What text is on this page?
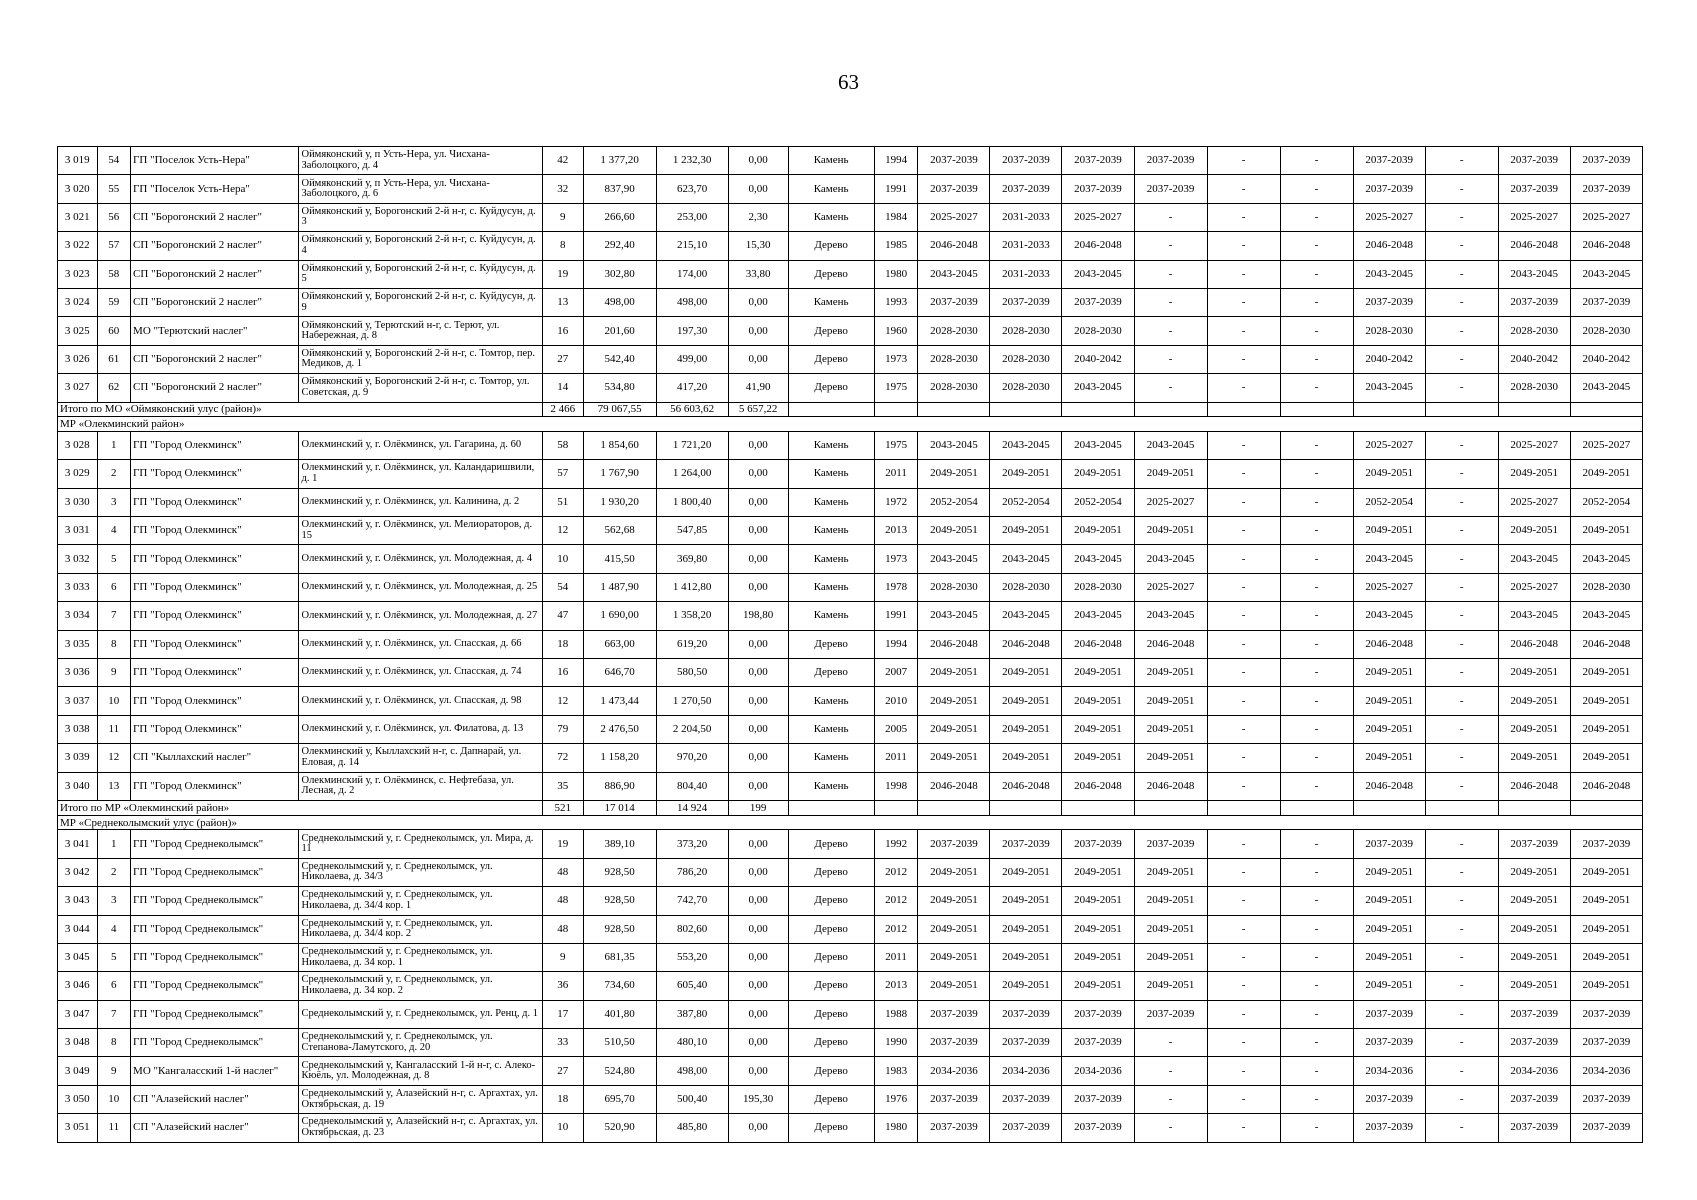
63
3 019	54	ГП "Поселок Усть-Нера"	Оймяконский у, п Усть-Нера, ул. Чисхана-Заболоцкого, д. 4	42	1 377,20	1 232,30	0,00	Камень	1994	2037-2039	2037-2039	2037-2039	2037-2039	-	-	2037-2039	-	2037-2039	2037-2039
3 020	55	ГП "Поселок Усть-Нера"	Оймяконский у, п Усть-Нера, ул. Чисхана-Заболоцкого, д. 6	32	837,90	623,70	0,00	Камень	1991	2037-2039	2037-2039	2037-2039	2037-2039	-	-	2037-2039	-	2037-2039	2037-2039
3 021	56	СП "Борогонский 2 наслег"	Оймяконский у, Борогонский 2-й н-г, с. Куйдусун, д. 3	9	266,60	253,00	2,30	Камень	1984	2025-2027	2031-2033	2025-2027	-	-	-	2025-2027	-	2025-2027	2025-2027
3 022	57	СП "Борогонский 2 наслег"	Оймяконский у, Борогонский 2-й н-г, с. Куйдусун, д. 4	8	292,40	215,10	15,30	Дерево	1985	2046-2048	2031-2033	2046-2048	-	-	-	2046-2048	-	2046-2048	2046-2048
3 023	58	СП "Борогонский 2 наслег"	Оймяконский у, Борогонский 2-й н-г, с. Куйдусун, д. 5	19	302,80	174,00	33,80	Дерево	1980	2043-2045	2031-2033	2043-2045	-	-	-	2043-2045	-	2043-2045	2043-2045
3 024	59	СП "Борогонский 2 наслег"	Оймяконский у, Борогонский 2-й н-г, с. Куйдусун, д. 9	13	498,00	498,00	0,00	Камень	1993	2037-2039	2037-2039	2037-2039	-	-	-	2037-2039	-	2037-2039	2037-2039
3 025	60	МО "Терютский наслег"	Оймяконский у, Терютский н-г, с. Терют, ул. Набережная, д. 8	16	201,60	197,30	0,00	Дерево	1960	2028-2030	2028-2030	2028-2030	-	-	-	2028-2030	-	2028-2030	2028-2030
3 026	61	СП "Борогонский 2 наслег"	Оймяконский у, Борогонский 2-й н-г, с. Томтор, пер. Медиков, д. 1	27	542,40	499,00	0,00	Дерево	1973	2028-2030	2028-2030	2040-2042	-	-	-	2040-2042	-	2040-2042	2040-2042
3 027	62	СП "Борогонский 2 наслег"	Оймяконский у, Борогонский 2-й н-г, с. Томтор, ул. Советская, д. 9	14	534,80	417,20	41,90	Дерево	1975	2028-2030	2028-2030	2043-2045	-	-	-	2043-2045	-	2028-2030	2043-2045
Итого по МО «Оймяконский улус (район)»				2 466	79 067,55	56 603,62	5 657,22												
МР «Олекминский район»																			
3 028	1	ГП "Город Олекминск"	Олекминский у, г. Олёкминск, ул. Гагарина, д. 60	58	1 854,60	1 721,20	0,00	Камень	1975	2043-2045	2043-2045	2043-2045	2043-2045	-	-	2025-2027	-	2025-2027	2025-2027
3 029	2	ГП "Город Олекминск"	Олекминский у, г. Олёкминск, ул. Каландаришвили, д. 1	57	1 767,90	1 264,00	0,00	Камень	2011	2049-2051	2049-2051	2049-2051	2049-2051	-	-	2049-2051	-	2049-2051	2049-2051
3 030	3	ГП "Город Олекминск"	Олекминский у, г. Олёкминск, ул. Калинина, д. 2	51	1 930,20	1 800,40	0,00	Камень	1972	2052-2054	2052-2054	2052-2054	2025-2027	-	-	2052-2054	-	2025-2027	2052-2054
3 031	4	ГП "Город Олекминск"	Олекминский у, г. Олёкминск, ул. Мелиораторов, д. 15	12	562,68	547,85	0,00	Камень	2013	2049-2051	2049-2051	2049-2051	2049-2051	-	-	2049-2051	-	2049-2051	2049-2051
3 032	5	ГП "Город Олекминск"	Олекминский у, г. Олёкминск, ул. Молодежная, д. 4	10	415,50	369,80	0,00	Камень	1973	2043-2045	2043-2045	2043-2045	2043-2045	-	-	2043-2045	-	2043-2045	2043-2045
3 033	6	ГП "Город Олекминск"	Олекминский у, г. Олёкминск, ул. Молодежная, д. 25	54	1 487,90	1 412,80	0,00	Камень	1978	2028-2030	2028-2030	2028-2030	2025-2027	-	-	2025-2027	-	2025-2027	2028-2030
3 034	7	ГП "Город Олекминск"	Олекминский у, г. Олёкминск, ул. Молодежная, д. 27	47	1 690,00	1 358,20	198,80	Камень	1991	2043-2045	2043-2045	2043-2045	2043-2045	-	-	2043-2045	-	2043-2045	2043-2045
3 035	8	ГП "Город Олекминск"	Олекминский у, г. Олёкминск, ул. Спасская, д. 66	18	663,00	619,20	0,00	Дерево	1994	2046-2048	2046-2048	2046-2048	2046-2048	-	-	2046-2048	-	2046-2048	2046-2048
3 036	9	ГП "Город Олекминск"	Олекминский у, г. Олёкминск, ул. Спасская, д. 74	16	646,70	580,50	0,00	Дерево	2007	2049-2051	2049-2051	2049-2051	2049-2051	-	-	2049-2051	-	2049-2051	2049-2051
3 037	10	ГП "Город Олекминск"	Олекминский у, г. Олёкминск, ул. Спасская, д. 98	12	1 473,44	1 270,50	0,00	Камень	2010	2049-2051	2049-2051	2049-2051	2049-2051	-	-	2049-2051	-	2049-2051	2049-2051
3 038	11	ГП "Город Олекминск"	Олекминский у, г. Олёкминск, ул. Филатова, д. 13	79	2 476,50	2 204,50	0,00	Камень	2005	2049-2051	2049-2051	2049-2051	2049-2051	-	-	2049-2051	-	2049-2051	2049-2051
3 039	12	СП "Кыллахский наслег"	Олекминский у, Кыллахский н-г, с. Дапнарай, ул. Еловая, д. 14	72	1 158,20	970,20	0,00	Камень	2011	2049-2051	2049-2051	2049-2051	2049-2051	-	-	2049-2051	-	2049-2051	2049-2051
3 040	13	ГП "Город Олекминск"	Олекминский у, г. Олёкминск, с. Нефтебаза, ул. Лесная, д. 2	35	886,90	804,40	0,00	Камень	1998	2046-2048	2046-2048	2046-2048	2046-2048	-	-	2046-2048	-	2046-2048	2046-2048
Итого по МР «Олекминский район»				521	17 014	14 924	199												
МР «Среднеколымский улус (район)»																			
3 041	1	ГП "Город Среднеколымск"	Среднеколымский у, г. Среднеколымск, ул. Мира, д. 11	19	389,10	373,20	0,00	Дерево	1992	2037-2039	2037-2039	2037-2039	2037-2039	-	-	2037-2039	-	2037-2039	2037-2039
3 042	2	ГП "Город Среднеколымск"	Среднеколымский у, г. Среднеколымск, ул. Николаева, д. 34/3	48	928,50	786,20	0,00	Дерево	2012	2049-2051	2049-2051	2049-2051	2049-2051	-	-	2049-2051	-	2049-2051	2049-2051
3 043	3	ГП "Город Среднеколымск"	Среднеколымский у, г. Среднеколымск, ул. Николаева, д. 34/4 кор. 1	48	928,50	742,70	0,00	Дерево	2012	2049-2051	2049-2051	2049-2051	2049-2051	-	-	2049-2051	-	2049-2051	2049-2051
3 044	4	ГП "Город Среднеколымск"	Среднеколымский у, г. Среднеколымск, ул. Николаева, д. 34/4 кор. 2	48	928,50	802,60	0,00	Дерево	2012	2049-2051	2049-2051	2049-2051	2049-2051	-	-	2049-2051	-	2049-2051	2049-2051
3 045	5	ГП "Город Среднеколымск"	Среднеколымский у, г. Среднеколымск, ул. Николаева, д. 34 кор. 1	9	681,35	553,20	0,00	Дерево	2011	2049-2051	2049-2051	2049-2051	2049-2051	-	-	2049-2051	-	2049-2051	2049-2051
3 046	6	ГП "Город Среднеколымск"	Среднеколымский у, г. Среднеколымск, ул. Николаева, д. 34 кор. 2	36	734,60	605,40	0,00	Дерево	2013	2049-2051	2049-2051	2049-2051	2049-2051	-	-	2049-2051	-	2049-2051	2049-2051
3 047	7	ГП "Город Среднеколымск"	Среднеколымский у, г. Среднеколымск, ул. Ренц, д. 1	17	401,80	387,80	0,00	Дерево	1988	2037-2039	2037-2039	2037-2039	2037-2039	-	-	2037-2039	-	2037-2039	2037-2039
3 048	8	ГП "Город Среднеколымск"	Среднеколымский у, г. Среднеколымск, ул. Степанова-Ламутского, д. 20	33	510,50	480,10	0,00	Дерево	1990	2037-2039	2037-2039	2037-2039	-	-	-	2037-2039	-	2037-2039	2037-2039
3 049	9	МО "Кангаласский 1-й наслег"	Среднеколымский у, Кангаласский 1-й н-г, с. Алеко-Кюёль, ул. Молодежная, д. 8	27	524,80	498,00	0,00	Дерево	1983	2034-2036	2034-2036	2034-2036	-	-	-	2034-2036	-	2034-2036	2034-2036
3 050	10	СП "Алазейский наслег"	Среднеколымский у, Алазейский н-г, с. Аргахтах, ул. Октябрьская, д. 19	18	695,70	500,40	195,30	Дерево	1976	2037-2039	2037-2039	2037-2039	-	-	-	2037-2039	-	2037-2039	2037-2039
3 051	11	СП "Алазейский наслег"	Среднеколымский у, Алазейский н-г, с. Аргахтах, ул. Октябрьская, д. 23	10	520,90	485,80	0,00	Дерево	1980	2037-2039	2037-2039	2037-2039	-	-	-	2037-2039	-	2037-2039	2037-2039
